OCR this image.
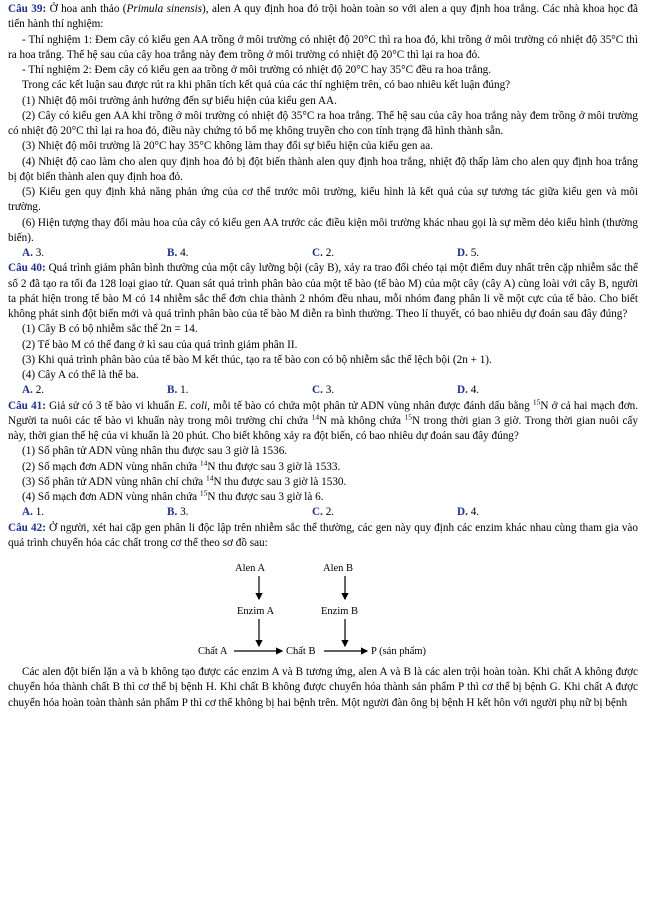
Câu 39: Ở hoa anh thảo (Primula sinensis), alen A quy định hoa đỏ trội hoàn toàn so với alen a quy định hoa trắng. Các nhà khoa học đã tiến hành thí nghiệm:

- Thí nghiệm 1: Đem cây có kiểu gen AA trồng ở môi trường có nhiệt độ 20°C thì ra hoa đỏ, khi trồng ở môi trường có nhiệt độ 35°C thì ra hoa trắng. Thế hệ sau của cây hoa trắng này đem trồng ở môi trường có nhiệt độ 20°C thì lại ra hoa đỏ.

- Thí nghiệm 2: Đem cây có kiểu gen aa trồng ở môi trường có nhiệt độ 20°C hay 35°C đều ra hoa trắng.

Trong các kết luận sau được rút ra khi phân tích kết quả của các thí nghiệm trên, có bao nhiêu kết luận đúng?

(1) Nhiệt độ môi trường ảnh hưởng đến sự biểu hiện của kiểu gen AA.

(2) Cây có kiểu gen AA khi trồng ở môi trường có nhiệt độ 35°C ra hoa trắng. Thế hệ sau của cây hoa trắng này đem trồng ở môi trường có nhiệt độ 20°C thì lại ra hoa đỏ, điều này chứng tỏ bố mẹ không truyền cho con tính trạng đã hình thành sẵn.

(3) Nhiệt độ môi trường là 20°C hay 35°C không làm thay đổi sự biểu hiện của kiểu gen aa.

(4) Nhiệt độ cao làm cho alen quy định hoa đỏ bị đột biến thành alen quy định hoa trắng, nhiệt độ thấp làm cho alen quy định hoa trắng bị đột biến thành alen quy định hoa đỏ.

(5) Kiểu gen quy định khả năng phản ứng của cơ thể trước môi trường, kiểu hình là kết quả của sự tương tác giữa kiểu gen và môi trường.

(6) Hiện tượng thay đổi màu hoa của cây có kiểu gen AA trước các điều kiện môi trường khác nhau gọi là sự mềm dẻo kiểu hình (thường biến).

A. 3.	B. 4.	C. 2.	D. 5.

Câu 40: Quá trình giảm phân bình thường của một cây lưỡng bội (cây B), xảy ra trao đổi chéo tại một điểm duy nhất trên cặp nhiễm sắc thể số 2 đã tạo ra tối đa 128 loại giao tử. Quan sát quá trình phân bào của một tế bào (tế bào M) của một cây (cây A) cùng loài với cây B, người ta phát hiện trong tế bào M có 14 nhiễm sắc thể đơn chia thành 2 nhóm đều nhau, mỗi nhóm đang phân li về một cực của tế bào. Cho biết không phát sinh đột biến mới và quá trình phân bào của tế bào M diễn ra bình thường. Theo lí thuyết, có bao nhiêu dự đoán sau đây đúng?

(1) Cây B có bộ nhiễm sắc thể 2n = 14.

(2) Tế bào M có thể đang ở kì sau của quá trình giảm phân II.

(3) Khi quá trình phân bào của tế bào M kết thúc, tạo ra tế bào con có bộ nhiễm sắc thể lệch bội (2n + 1).

(4) Cây A có thể là thể ba.

A. 2.	B. 1.	C. 3.	D. 4.

Câu 41: Giả sử có 3 tế bào vi khuẩn E. coli, mỗi tế bào có chứa một phân tử ADN vùng nhân được đánh dấu bằng $^{15}$N ở cả hai mạch đơn. Người ta nuôi các tế bào vi khuẩn này trong môi trường chỉ chứa $^{14}$N mà không chứa $^{15}$N trong thời gian 3 giờ. Trong thời gian nuôi cấy này, thời gian thế hệ của vi khuẩn là 20 phút. Cho biết không xảy ra đột biến, có bao nhiêu dự đoán sau đây đúng?

(1) Số phân tử ADN vùng nhân thu được sau 3 giờ là 1536.

(2) Số mạch đơn ADN vùng nhân chứa $^{14}$N thu được sau 3 giờ là 1533.

(3) Số phân tử ADN vùng nhân chỉ chứa $^{14}$N thu được sau 3 giờ là 1530.

(4) Số mạch đơn ADN vùng nhân chứa $^{15}$N thu được sau 3 giờ là 6.

A. 1.	B. 3.	C. 2.	D. 4.

Câu 42: Ở người, xét hai cặp gen phân li độc lập trên nhiễm sắc thể thường, các gen này quy định các enzim khác nhau cùng tham gia vào quá trình chuyển hóa các chất trong cơ thể theo sơ đồ sau:

Alen A	Alen B
Enzim A	Enzim B
Chất A	Chất B	P (sản phẩm)

Các alen đột biến lặn a và b không tạo được các enzim A và B tương ứng, alen A và B là các alen trội hoàn toàn. Khi chất A không được chuyển hóa thành chất B thì cơ thể bị bệnh H. Khi chất B không được chuyển hóa thành sản phẩm P thì cơ thể bị bệnh G. Khi chất A được chuyển hóa hoàn toàn thành sản phẩm P thì cơ thể không bị hai bệnh trên. Một người đàn ông bị bệnh H kết hôn với người phụ nữ bị bệnh
